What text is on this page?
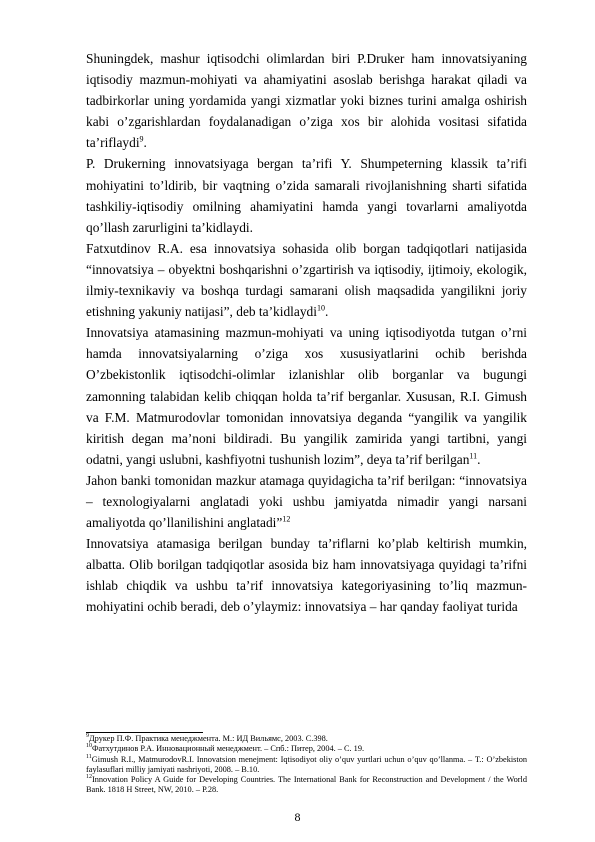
Shuningdek, mashur iqtisodchi olimlardan biri P.Druker ham innovatsiyaning iqtisodiy mazmun-mohiyati va ahamiyatini asoslab berishga harakat qiladi va tadbirkorlar uning yordamida yangi xizmatlar yoki biznes turini amalga oshirish kabi o’zgarishlardan foydalanadigan o’ziga xos bir alohida vositasi sifatida ta’riflaydi$^9$.

P. Drukerning innovatsiyaga bergan ta’rifi Y. Shumpeterning klassik ta’rifi mohiyatini to’ldirib, bir vaqtning o’zida samarali rivojlanishning sharti sifatida tashkiliy-iqtisodiy omilning ahamiyatini hamda yangi tovarlarni amaliyotda qo’llash zarurligini ta’kidlaydi.

Fatxutdinov R.A. esa innovatsiya sohasida olib borgan tadqiqotlari natijasida “innovatsiya – obyektni boshqarishni o’zgartirish va iqtisodiy, ijtimoiy, ekologik, ilmiy-texnikaviy va boshqa turdagi samarani olish maqsadida yangilikni joriy etishning yakuniy natijasi”, deb ta’kidlaydi$^{10}$.

Innovatsiya atamasining mazmun-mohiyati va uning iqtisodiyotda tutgan o’rni hamda innovatsiyalarning o’ziga xos xususiyatlarini ochib berishda O’zbekistonlik iqtisodchi-olimlar izlanishlar olib borganlar va bugungi zamonning talabidan kelib chiqqan holda ta’rif berganlar. Xususan, R.I. Gimush va F.M. Matmurodovlar tomonidan innovatsiya deganda “yangilik va yangilik kiritish degan ma’noni bildiradi. Bu yangilik zamirida yangi tartibni, yangi odatni, yangi uslubni, kashfiyotni tushunish lozim”, deya ta’rif berilgan$^{11}$.

Jahon banki tomonidan mazkur atamaga quyidagicha ta’rif berilgan: “innovatsiya – texnologiyalarni anglatadi yoki ushbu jamiyatda nimadir yangi narsani amaliyotda qo’llanilishini anglatadi”$^{12}$

Innovatsiya atamasiga berilgan bunday ta’riflarni ko’plab keltirish mumkin, albatta. Olib borilgan tadqiqotlar asosida biz ham innovatsiyaga quyidagi ta’rifni ishlab chiqdik va ushbu ta’rif innovatsiya kategoriyasining to’liq mazmun-mohiyatini ochib beradi, deb o’ylaymiz: innovatsiya – har qanday faoliyat turida

$^9$Друкер П.Ф. Практика менеджмента. М.: ИД Вильямс, 2003. С.398.

$^{10}$Фатхутдинов Р.А. Инновационный менеджмент. – Спб.: Питер, 2004. – С. 19.

$^{11}$Gimush R.I., MatmurodovR.I. Innovatsion menejment: Iqtisodiyot oliy o’quv yurtlari uchun o’quv qo’llanma. – T.: O’zbekiston faylasuflari milliy jamiyati nashriyoti, 2008. – B.10.

$^{12}$Innovation Policy A Guide for Developing Countries. The International Bank for Reconstruction and Development / the World Bank. 1818 H Street, NW, 2010. – P.28.

8
